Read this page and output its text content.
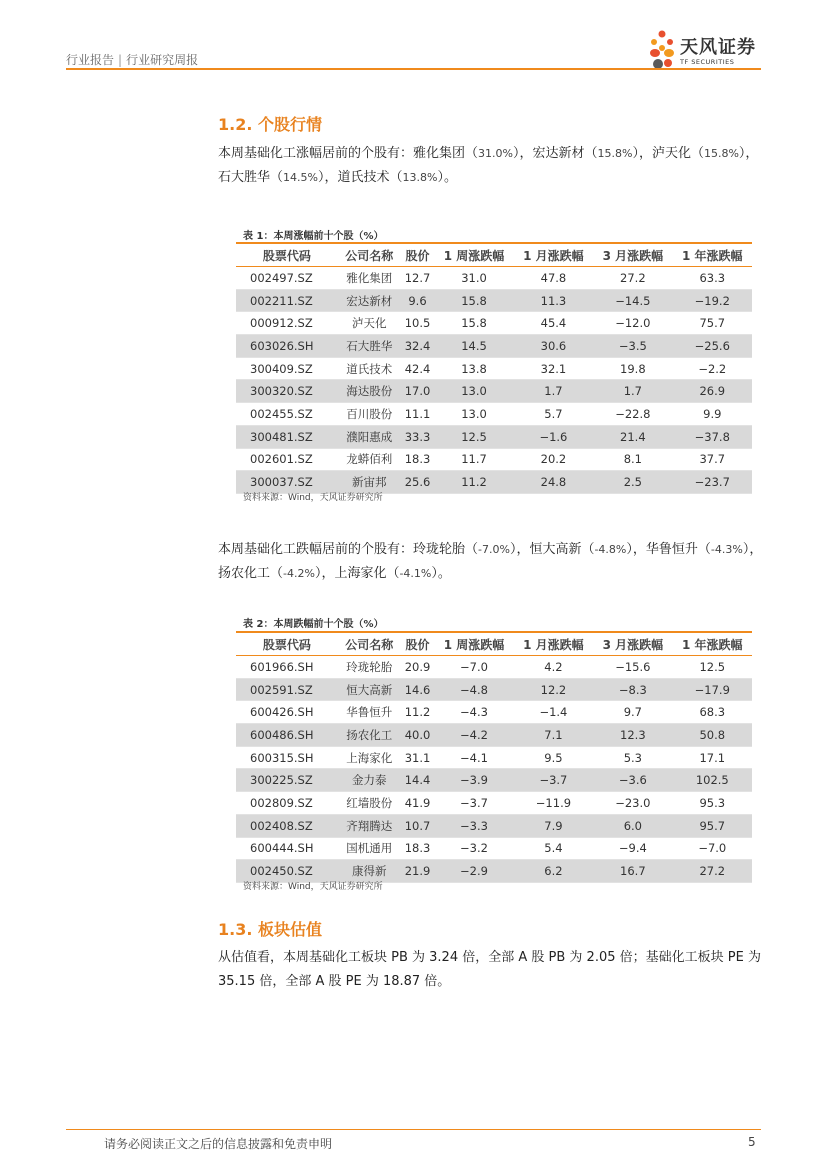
行业报告 | 行业研究周报
天风证券
TF SECURITIES
1.2. 个股行情
本周基础化工涨幅居前的个股有：雅化集团（31.0%），宏达新材（15.8%），泸天化（15.8%），石大胜华（14.5%），道氏技术（13.8%）。
表 1：本周涨幅前十个股（%）
股票代码	公司名称	股价	1 周涨跌幅	1 月涨跌幅	3 月涨跌幅	1 年涨跌幅
002497.SZ	雅化集团	12.7	31.0	47.8	27.2	63.3
002211.SZ	宏达新材	9.6	15.8	11.3	−14.5	−19.2
000912.SZ	泸天化	10.5	15.8	45.4	−12.0	75.7
603026.SH	石大胜华	32.4	14.5	30.6	−3.5	−25.6
300409.SZ	道氏技术	42.4	13.8	32.1	19.8	−2.2
300320.SZ	海达股份	17.0	13.0	1.7	1.7	26.9
002455.SZ	百川股份	11.1	13.0	5.7	−22.8	9.9
300481.SZ	濮阳惠成	33.3	12.5	−1.6	21.4	−37.8
002601.SZ	龙蟒佰利	18.3	11.7	20.2	8.1	37.7
300037.SZ	新宙邦	25.6	11.2	24.8	2.5	−23.7
资料来源：Wind，天风证券研究所
本周基础化工跌幅居前的个股有：玲珑轮胎（-7.0%），恒大高新（-4.8%），华鲁恒升（-4.3%），扬农化工（-4.2%），上海家化（-4.1%）。
表 2：本周跌幅前十个股（%）
股票代码	公司名称	股价	1 周涨跌幅	1 月涨跌幅	3 月涨跌幅	1 年涨跌幅
601966.SH	玲珑轮胎	20.9	−7.0	4.2	−15.6	12.5
002591.SZ	恒大高新	14.6	−4.8	12.2	−8.3	−17.9
600426.SH	华鲁恒升	11.2	−4.3	−1.4	9.7	68.3
600486.SH	扬农化工	40.0	−4.2	7.1	12.3	50.8
600315.SH	上海家化	31.1	−4.1	9.5	5.3	17.1
300225.SZ	金力泰	14.4	−3.9	−3.7	−3.6	102.5
002809.SZ	红墙股份	41.9	−3.7	−11.9	−23.0	95.3
002408.SZ	齐翔腾达	10.7	−3.3	7.9	6.0	95.7
600444.SH	国机通用	18.3	−3.2	5.4	−9.4	−7.0
002450.SZ	康得新	21.9	−2.9	6.2	16.7	27.2
资料来源：Wind，天风证券研究所
1.3. 板块估值
从估值看，本周基础化工板块 PB 为 3.24 倍，全部 A 股 PB 为 2.05 倍；基础化工板块 PE 为 35.15 倍，全部 A 股 PE 为 18.87 倍。
请务必阅读正文之后的信息披露和免责申明	5
